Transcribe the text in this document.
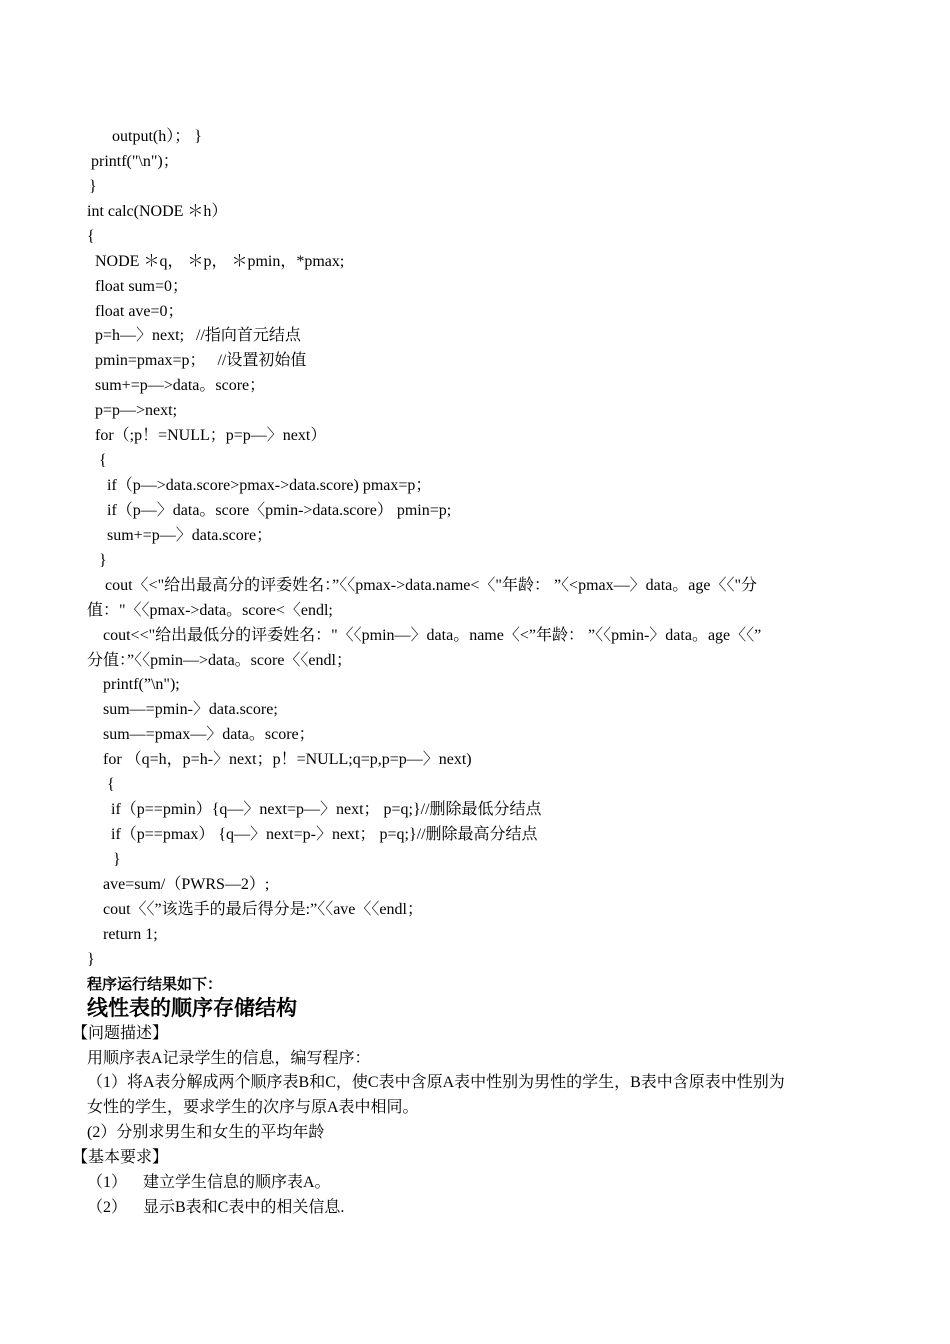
output(h）； }
printf("\n")；
}
int calc(NODE ＊h）
{
NODE ＊q， ＊p， ＊pmin，*pmax;
float sum=0；
float ave=0；
p=h—〉next;   //指向首元结点
pmin=pmax=p；   //设置初始值
sum+=p—>data。score；
p=p—>next;
for（;p！=NULL；p=p—〉next）
{
if（p—>data.score>pmax->data.score) pmax=p；
if（p—〉data。score〈pmin->data.score） pmin=p;
sum+=p—〉data.score；
}
cout〈<"给出最高分的评委姓名：”〈〈pmax->data.name<〈"年龄： ”〈<pmax—〉data。age〈〈"分
值："〈〈pmax->data。score<〈endl;
cout<<"给出最低分的评委姓名："〈〈pmin—〉data。name〈<”年龄： ”〈〈pmin-〉data。age〈〈”
分值：”〈〈pmin—>data。score〈〈endl；
printf(”\n");
sum—=pmin-〉data.score;
sum—=pmax—〉data。score；
for （q=h，p=h-〉next；p！=NULL;q=p,p=p—〉next)
{
if（p==pmin）{q—〉next=p—〉next； p=q;}//删除最低分结点
if（p==pmax） {q—〉next=p-〉next； p=q;}//删除最高分结点
}
ave=sum/（PWRS—2）;
cout〈〈”该选手的最后得分是:”〈〈ave〈〈endl；
return 1;
}
程序运行结果如下：
线性表的顺序存储结构
【问题描述】
用顺序表A记录学生的信息，编写程序：
（1）将A表分解成两个顺序表B和C，使C表中含原A表中性别为男性的学生，B表中含原表中性别为
女性的学生，要求学生的次序与原A表中相同。
(2）分别求男生和女生的平均年龄
【基本要求】
（1）    建立学生信息的顺序表A。
（2）    显示B表和C表中的相关信息.
